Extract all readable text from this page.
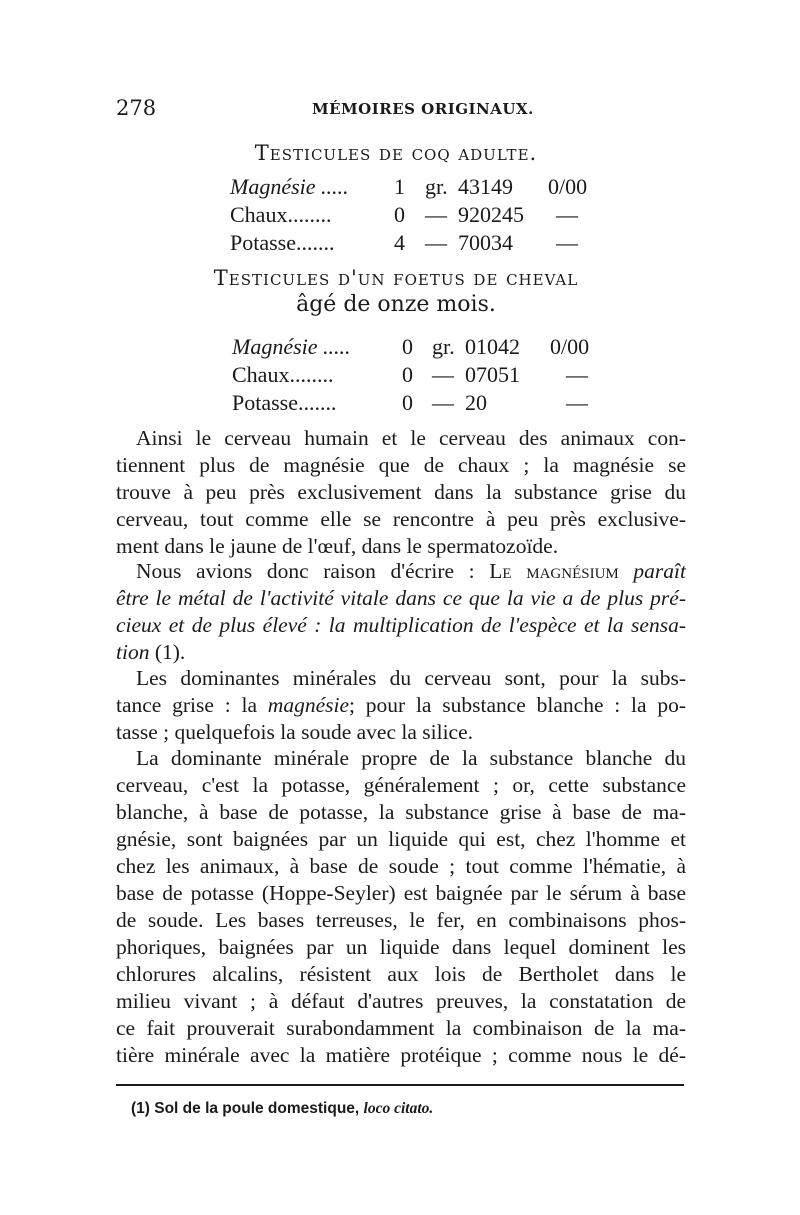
278	MÉMOIRES ORIGINAUX.
Testicules de coq adulte.
Magnésie ..... 1 gr. 43149 0/00
Chaux........	0 — 920245 —
Potasse.......	4 — 70034 —
Testicules d'un foetus de cheval
âgé de onze mois.
Magnésie ..... 0 gr. 01042 0/00
Chaux........	0 — 07051 —
Potasse.......	0 — 20	—
Ainsi le cerveau humain et le cerveau des animaux con-
tiennent plus de magnésie que de chaux ; la magnésie se
trouve à peu près exclusivement dans la substance grise du
cerveau, tout comme elle se rencontre à peu près exclusive-
ment dans le jaune de l'œuf, dans le spermatozoïde.
Nous avions donc raison d'écrire : Le magnésium paraît
être le métal de l'activité vitale dans ce que la vie a de plus pré-
cieux et de plus élevé : la multiplication de l'espèce et la sensa-
tion (1).
Les dominantes minérales du cerveau sont, pour la subs-
tance grise : la magnésie; pour la substance blanche : la po-
tasse ; quelquefois la soude avec la silice.
La dominante minérale propre de la substance blanche du
cerveau, c'est la potasse, généralement ; or, cette substance
blanche, à base de potasse, la substance grise à base de ma-
gnésie, sont baignées par un liquide qui est, chez l'homme et
chez les animaux, à base de soude ; tout comme l'hématie, à
base de potasse (Hoppe-Seyler) est baignée par le sérum à base
de soude. Les bases terreuses, le fer, en combinaisons phos-
phoriques, baignées par un liquide dans lequel dominent les
chlorures alcalins, résistent aux lois de Bertholet dans le
milieu vivant ; à défaut d'autres preuves, la constatation de
ce fait prouverait surabondamment la combinaison de la ma-
tière minérale avec la matière protéique ; comme nous le dé-
(1) Sol de la poule domestique, loco citato.
